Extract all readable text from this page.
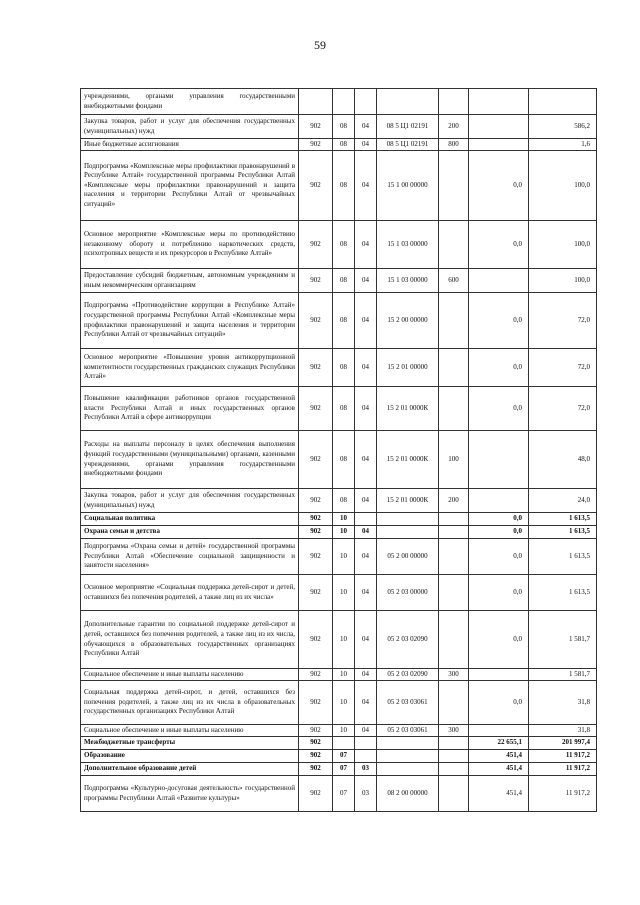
59
учреждениями, органами управления государственными внебюджетными фондами							
Закупка товаров, работ и услуг для обеспечения государственных (муниципальных) нужд	902	08	04	08 5 Ц1 02191	200		586,2
Иные бюджетные ассигнования	902	08	04	08 5 Ц1 02191	800		1,6
Подпрограмма «Комплексные меры профилактики правонарушений в Республике Алтай» государственной программы Республики Алтай «Комплексные меры профилактики правонарушений и защита населения и территории Республики Алтай от чрезвычайных ситуаций»	902	08	04	15 1 00 00000		0,0	100,0
Основное мероприятие «Комплексные меры по противодействию незаконному обороту и потреблению наркотических средств, психотропных веществ и их прекурсоров в Республике Алтай»	902	08	04	15 1 03 00000		0,0	100,0
Предоставление субсидий бюджетным, автономным учреждениям и иным некоммерческим организациям	902	08	04	15 1 03 00000	600		100,0
Подпрограмма «Противодействие коррупции в Республике Алтай» государственной программы Республики Алтай «Комплексные меры профилактики правонарушений и защита населения и территории Республики Алтай от чрезвычайных ситуаций»	902	08	04	15 2 00 00000		0,0	72,0
Основное мероприятие «Повышение уровня антикоррупционной компетентности государственных гражданских служащих Республики Алтай»	902	08	04	15 2 01 00000		0,0	72,0
Повышение квалификации работников органов государственной власти Республики Алтай и иных государственных органов Республики Алтай в сфере антикоррупции	902	08	04	15 2 01 0000К		0,0	72,0
Расходы на выплаты персоналу в целях обеспечения выполнения функций государственными (муниципальными) органами, казенными учреждениями, органами управления государственными внебюджетными фондами	902	08	04	15 2 01 0000К	100		48,0
Закупка товаров, работ и услуг для обеспечения государственных (муниципальных) нужд	902	08	04	15 2 01 0000К	200		24,0
Социальная политика	902	10				0,0	1 613,5
Охрана семьи и детства	902	10	04			0,0	1 613,5
Подпрограмма «Охрана семьи и детей» государственной программы Республики Алтай «Обеспечение социальной защищенности и занятости населения»	902	10	04	05 2 00 00000		0,0	1 613,5
Основное мероприятие «Социальная поддержка детей-сирот и детей, оставшихся без попечения родителей, а также лиц из их числа»	902	10	04	05 2 03 00000		0,0	1 613,5
Дополнительные гарантии по социальной поддержке детей-сирот и детей, оставшихся без попечения родителей, а также лиц из их числа, обучающихся в образовательных государственных организациях Республики Алтай	902	10	04	05 2 03 02090		0,0	1 581,7
Социальное обеспечение и иные выплаты населению	902	10	04	05 2 03 02090	300		1 581,7
Социальная поддержка детей-сирот, и детей, оставшихся без попечения родителей, а также лиц из их числа в образовательных государственных организациях Республики Алтай	902	10	04	05 2 03 03061		0,0	31,8
Социальное обеспечение и иные выплаты населению	902	10	04	05 2 03 03061	300		31,8
Межбюджетные трансферты	902					22 655,1	201 997,4
Образование	902	07				451,4	11 917,2
Дополнительное образование детей	902	07	03			451,4	11 917,2
Подпрограмма «Культурно-досуговая деятельность» государственной программы Республики Алтай «Развитие культуры»	902	07	03	08 2 00 00000		451,4	11 917,2
